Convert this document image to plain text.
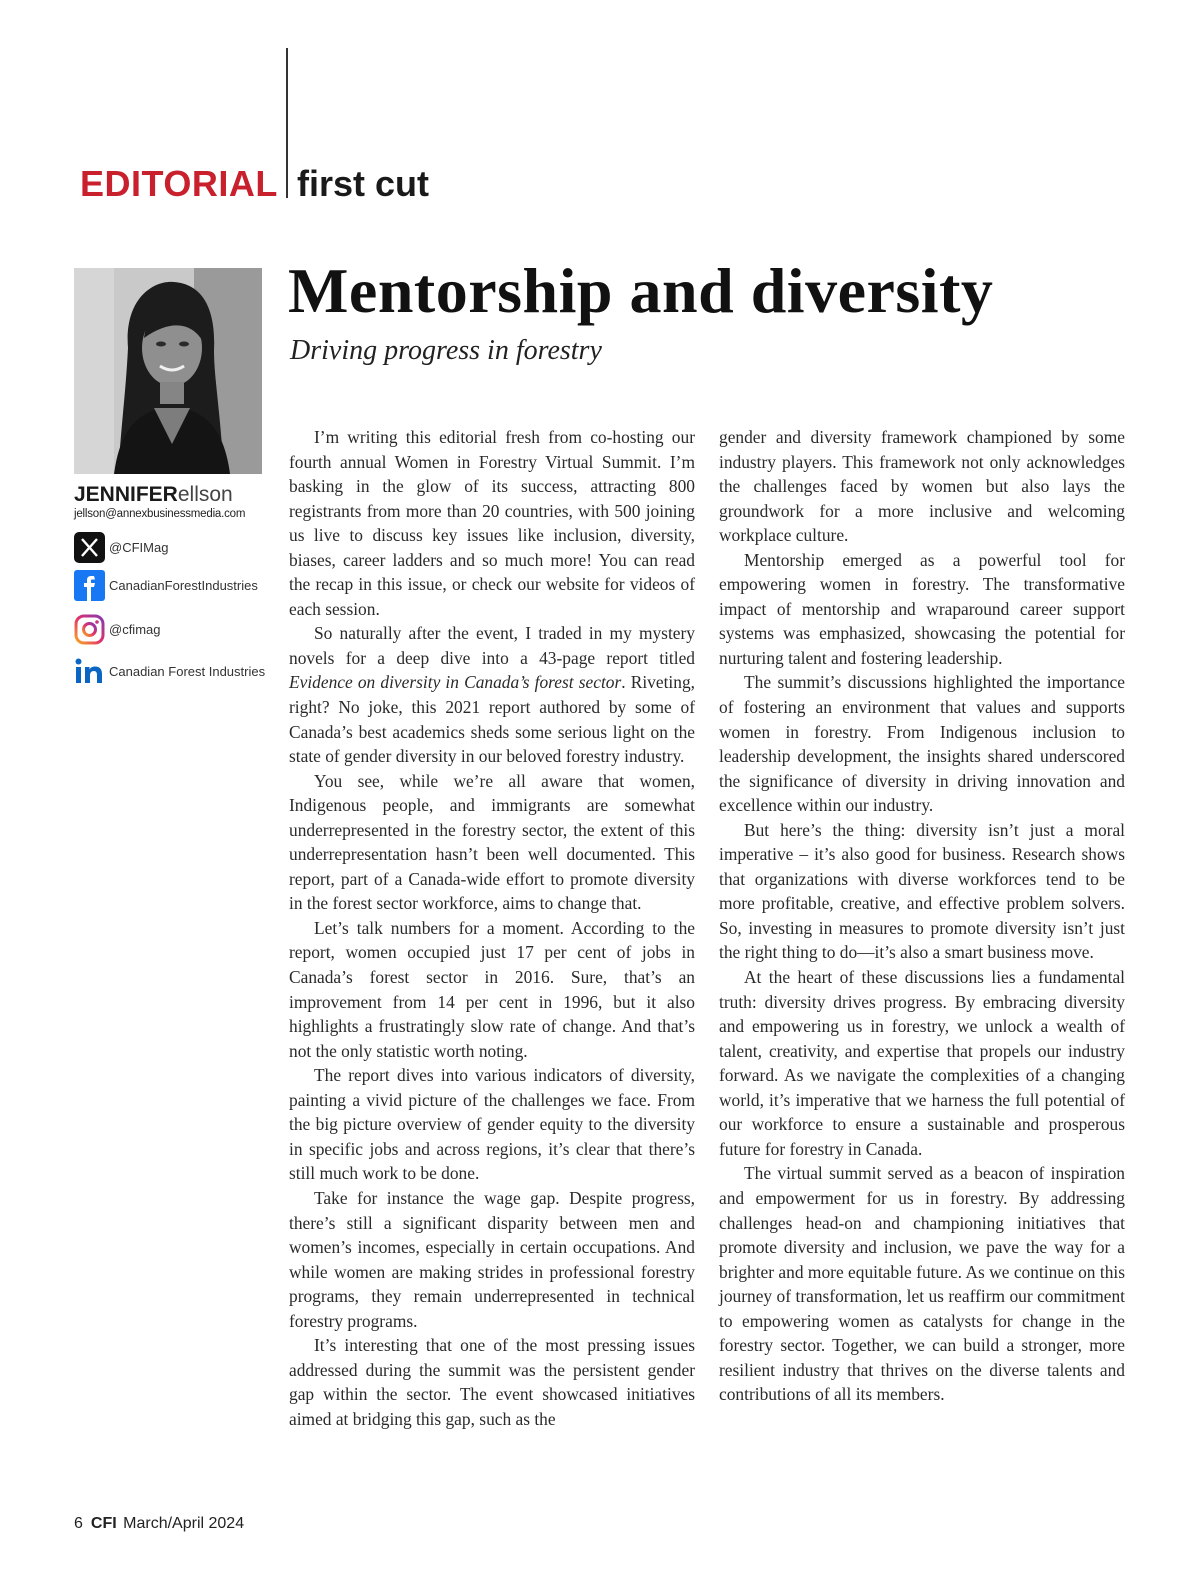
EDITORIAL first cut
JENNIFERellson
jellson@annexbusinessmedia.com
@CFIMag
CanadianForestIndustries
@cfimag
Canadian Forest Industries
Mentorship and diversity
Driving progress in forestry

I’m writing this editorial fresh from co-hosting our fourth annual Women in Forestry Virtual Summit. I’m basking in the glow of its success, attracting 800 registrants from more than 20 countries, with 500 joining us live to discuss key issues like inclusion, diversity, biases, career ladders and so much more! You can read the recap in this issue, or check our website for videos of each session.

So naturally after the event, I traded in my mystery novels for a deep dive into a 43-page report titled Evidence on diversity in Canada’s forest sector. Riveting, right? No joke, this 2021 report authored by some of Canada’s best academics sheds some serious light on the state of gender diversity in our beloved forestry industry.

You see, while we’re all aware that women, Indigenous people, and immigrants are somewhat underrepresented in the forestry sector, the extent of this underrepresentation hasn’t been well documented. This report, part of a Canada-wide effort to promote diversity in the forest sector workforce, aims to change that.

Let’s talk numbers for a moment. According to the report, women occupied just 17 per cent of jobs in Canada’s forest sector in 2016. Sure, that’s an improvement from 14 per cent in 1996, but it also highlights a frustratingly slow rate of change. And that’s not the only statistic worth noting.

The report dives into various indicators of diversity, painting a vivid picture of the challenges we face. From the big picture overview of gender equity to the diversity in specific jobs and across regions, it’s clear that there’s still much work to be done.

Take for instance the wage gap. Despite progress, there’s still a significant disparity between men and women’s incomes, especially in certain occupations. And while women are making strides in professional forestry programs, they remain underrepresented in technical forestry programs.

It’s interesting that one of the most pressing issues addressed during the summit was the persistent gender gap within the sector. The event showcased initiatives aimed at bridging this gap, such as the

gender and diversity framework championed by some industry players. This framework not only acknowledges the challenges faced by women but also lays the groundwork for a more inclusive and welcoming workplace culture.

Mentorship emerged as a powerful tool for empowering women in forestry. The transformative impact of mentorship and wraparound career support systems was emphasized, showcasing the potential for nurturing talent and fostering leadership.

The summit’s discussions highlighted the importance of fostering an environment that values and supports women in forestry. From Indigenous inclusion to leadership development, the insights shared underscored the significance of diversity in driving innovation and excellence within our industry.

But here’s the thing: diversity isn’t just a moral imperative – it’s also good for business. Research shows that organizations with diverse workforces tend to be more profitable, creative, and effective problem solvers. So, investing in measures to promote diversity isn’t just the right thing to do—it’s also a smart business move.

At the heart of these discussions lies a fundamental truth: diversity drives progress. By embracing diversity and empowering us in forestry, we unlock a wealth of talent, creativity, and expertise that propels our industry forward. As we navigate the complexities of a changing world, it’s imperative that we harness the full potential of our workforce to ensure a sustainable and prosperous future for forestry in Canada.

The virtual summit served as a beacon of inspiration and empowerment for us in forestry. By addressing challenges head-on and championing initiatives that promote diversity and inclusion, we pave the way for a brighter and more equitable future. As we continue on this journey of transformation, let us reaffirm our commitment to empowering women as catalysts for change in the forestry sector. Together, we can build a stronger, more resilient industry that thrives on the diverse talents and contributions of all its members.

6 CFI March/April 2024
